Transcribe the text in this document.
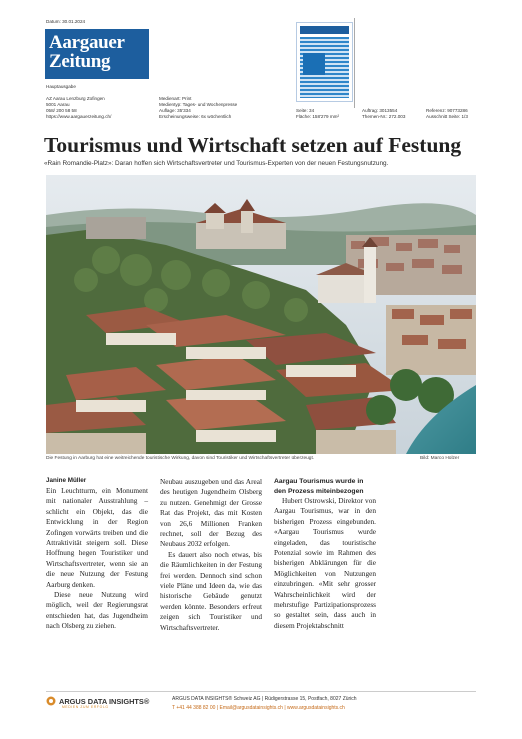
Datum: 30.01.2024
Aargauer
Zeitung
Hauptausgabe
AZ Aarau Lenzburg Zofingen
5001 Aarau
058/ 200 58 58
https://www.aargauerzeitung.ch/
Medienart: Print
Medientyp: Tages- und Wochenpresse
Auflage: 35'334
Erscheinungsweise: 6x wöchentlich
Seite: 34
Fläche: 158'279 mm²
Auftrag: 3013554
Themen-Nr.: 272.003
Referenz: 90773286
Ausschnitt Seite: 1/3
Tourismus und Wirtschaft setzen auf Festung
«Rain Romandie-Platz»: Daran hoffen sich Wirtschaftsvertreter und Tourismus-Experten von der neuen Festungsnutzung.
Die Festung in Aarburg hat eine weitreichende touristische Wirkung, davon sind Touristiker und Wirtschaftsvertreter überzeugt.	Bild: Marco Holzer

Janine Müller

Ein Leuchtturm, ein Monument mit nationaler Ausstrahlung – schlicht ein Objekt, das die Entwicklung in der Region Zofingen vorwärts treiben und die Attraktivität steigern soll. Diese Hoffnung hegen Touristiker und Wirtschaftsvertreter, wenn sie an die neue Nutzung der Festung Aarburg denken.

Diese neue Nutzung wird möglich, weil der Regierungsrat entschieden hat, das Jugendheim nach Olsberg zu ziehen.

Neubau auszugeben und das Areal des heutigen Jugendheim Olsberg zu nutzen. Genehmigt der Grosse Rat das Projekt, das mit Kosten von 26,6 Millionen Franken rechnet, soll der Bezug des Neubaus 2032 erfolgen.

Es dauert also noch etwas, bis die Räumlichkeiten in der Festung frei werden. Dennoch sind schon viele Pläne und Ideen da, wie das historische Gebäude genutzt werden könnte. Besonders erfreut zeigen sich Touristiker und Wirtschaftsvertreter.

Aargau Tourismus wurde in den Prozess miteinbezogen

Hubert Ostrowski, Direktor von Aargau Tourismus, war in den bisherigen Prozess eingebunden. «Aargau Tourismus wurde eingeladen, das touristische Potenzial sowie im Rahmen des bisherigen Abklärungen für die Möglichkeiten von Nutzungen einzubringen. «Mit sehr grosser Wahrscheinlichkeit wird der mehrstufige Partizipationsprozess so gestaltet sein, dass auch in diesem Projektabschnitt

ARGUS DATA INSIGHTS®
MEDIEN ZUM ERFOLG
ARGUS DATA INSIGHTS® Schweiz AG | Rüdigerstrasse 15, Postfach, 8027 Zürich
T +41 44 388 82 00 | Email@argusdatainsights.ch | www.argusdatainsights.ch
